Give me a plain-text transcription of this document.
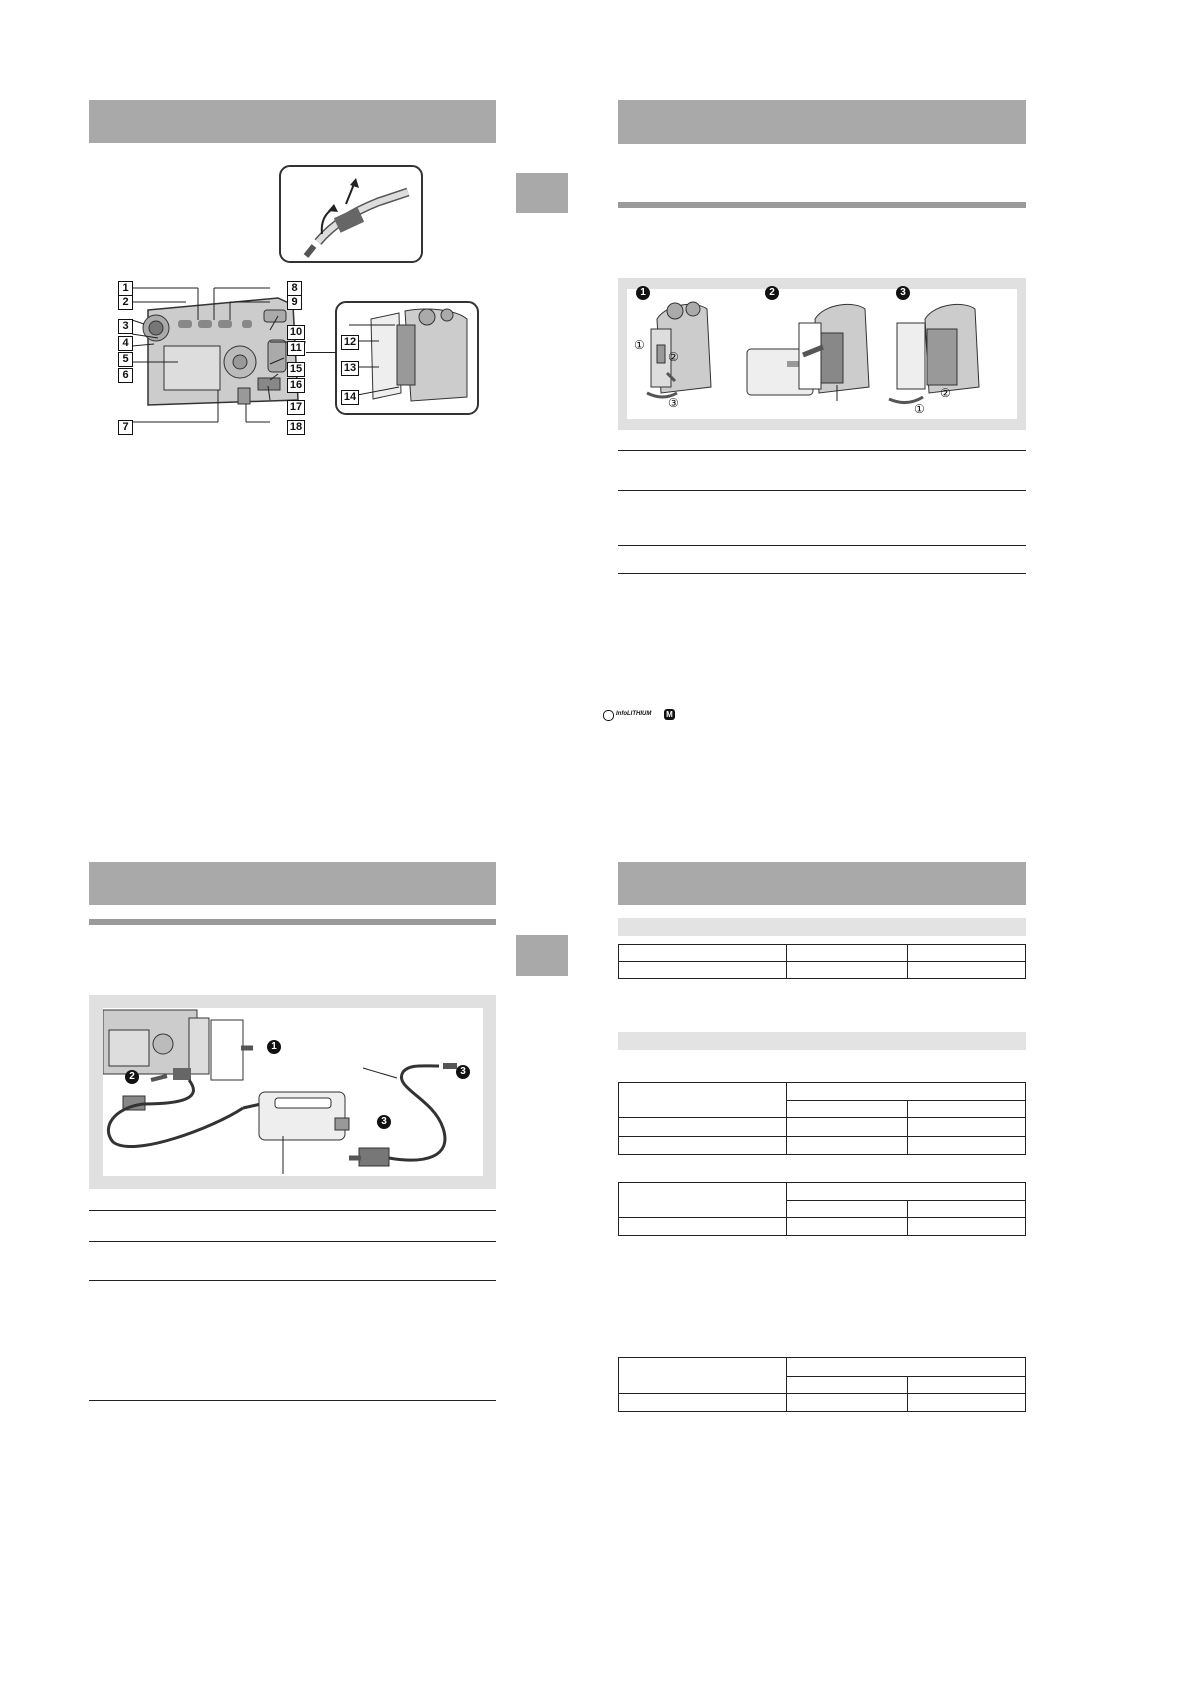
1
2
3
4
5
6
7
8
9
10
11
15
16
17
18
12
13
14
1	2	3
①
②
③	①
②
InfoLITHIUM M
1
2	3
3
